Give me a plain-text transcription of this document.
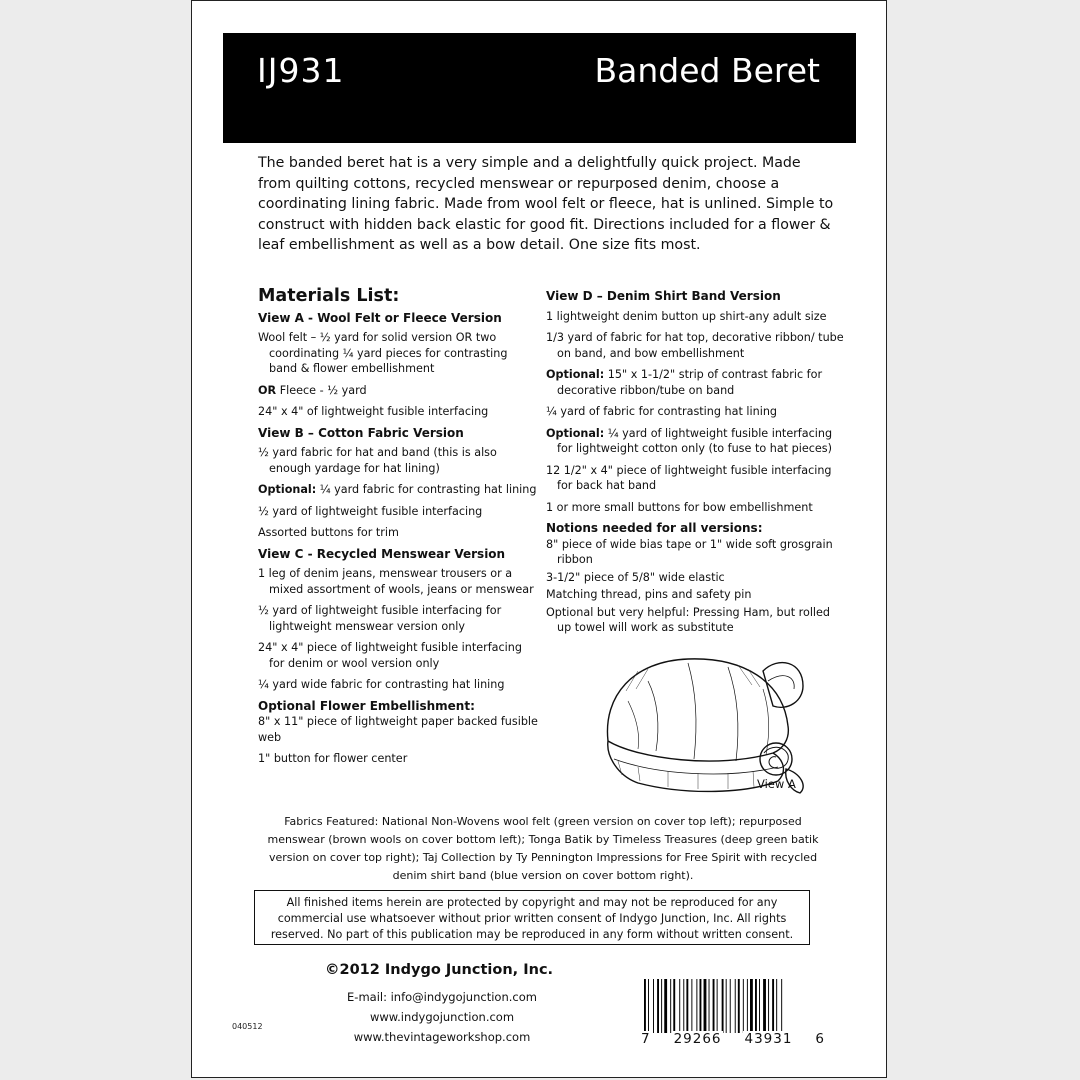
IJ931	Banded Beret

The banded beret hat is a very simple and a delightfully quick project. Made from quilting cottons, recycled menswear or repurposed denim, choose a coordinating lining fabric. Made from wool felt or fleece, hat is unlined. Simple to construct with hidden back elastic for good fit. Directions included for a flower & leaf embellishment as well as a bow detail. One size fits most.

Materials List:
View A - Wool Felt or Fleece Version

Wool felt – ½ yard for solid version OR two coordinating ¼ yard pieces for contrasting band & flower embellishment

OR Fleece - ½ yard

24" x 4" of lightweight fusible interfacing

View B – Cotton Fabric Version

½ yard fabric for hat and band (this is also enough yardage for hat lining)

Optional: ¼ yard fabric for contrasting hat lining

½ yard of lightweight fusible interfacing

Assorted buttons for trim

View C - Recycled Menswear Version

1 leg of denim jeans, menswear trousers or a mixed assortment of wools, jeans or menswear

½ yard of lightweight fusible interfacing for lightweight menswear version only

24" x 4" piece of lightweight fusible interfacing for denim or wool version only

¼ yard wide fabric for contrasting hat lining

Optional Flower Embellishment:

8" x 11" piece of lightweight paper backed fusible web

1" button for flower center

View D – Denim Shirt Band Version

1 lightweight denim button up shirt-any adult size

1/3 yard of fabric for hat top, decorative ribbon/ tube on band, and bow embellishment

Optional: 15" x 1-1/2" strip of contrast fabric for decorative ribbon/tube on band

¼ yard of fabric for contrasting hat lining

Optional: ¼ yard of lightweight fusible interfacing for lightweight cotton only (to fuse to hat pieces)

12 1/2" x 4" piece of lightweight fusible interfacing for back hat band

1 or more small buttons for bow embellishment

Notions needed for all versions:

8" piece of wide bias tape or 1" wide soft grosgrain ribbon

3-1/2" piece of 5/8" wide elastic

Matching thread, pins and safety pin

Optional but very helpful: Pressing Ham, but rolled up towel will work as substitute

View A

Fabrics Featured: National Non-Wovens wool felt (green version on cover top left); repurposed menswear (brown wools on cover bottom left); Tonga Batik by Timeless Treasures (deep green batik version on cover top right); Taj Collection by Ty Pennington Impressions for Free Spirit with recycled denim shirt band (blue version on cover bottom right).

All finished items herein are protected by copyright and may not be reproduced for any commercial use whatsoever without prior written consent of Indygo Junction, Inc. All rights reserved. No part of this publication may be reproduced in any form without written consent.
©2012 Indygo Junction, Inc.
E-mail: info@indygojunction.com
www.indygojunction.com
www.thevintageworkshop.com
040512
7 29266 43931 6
